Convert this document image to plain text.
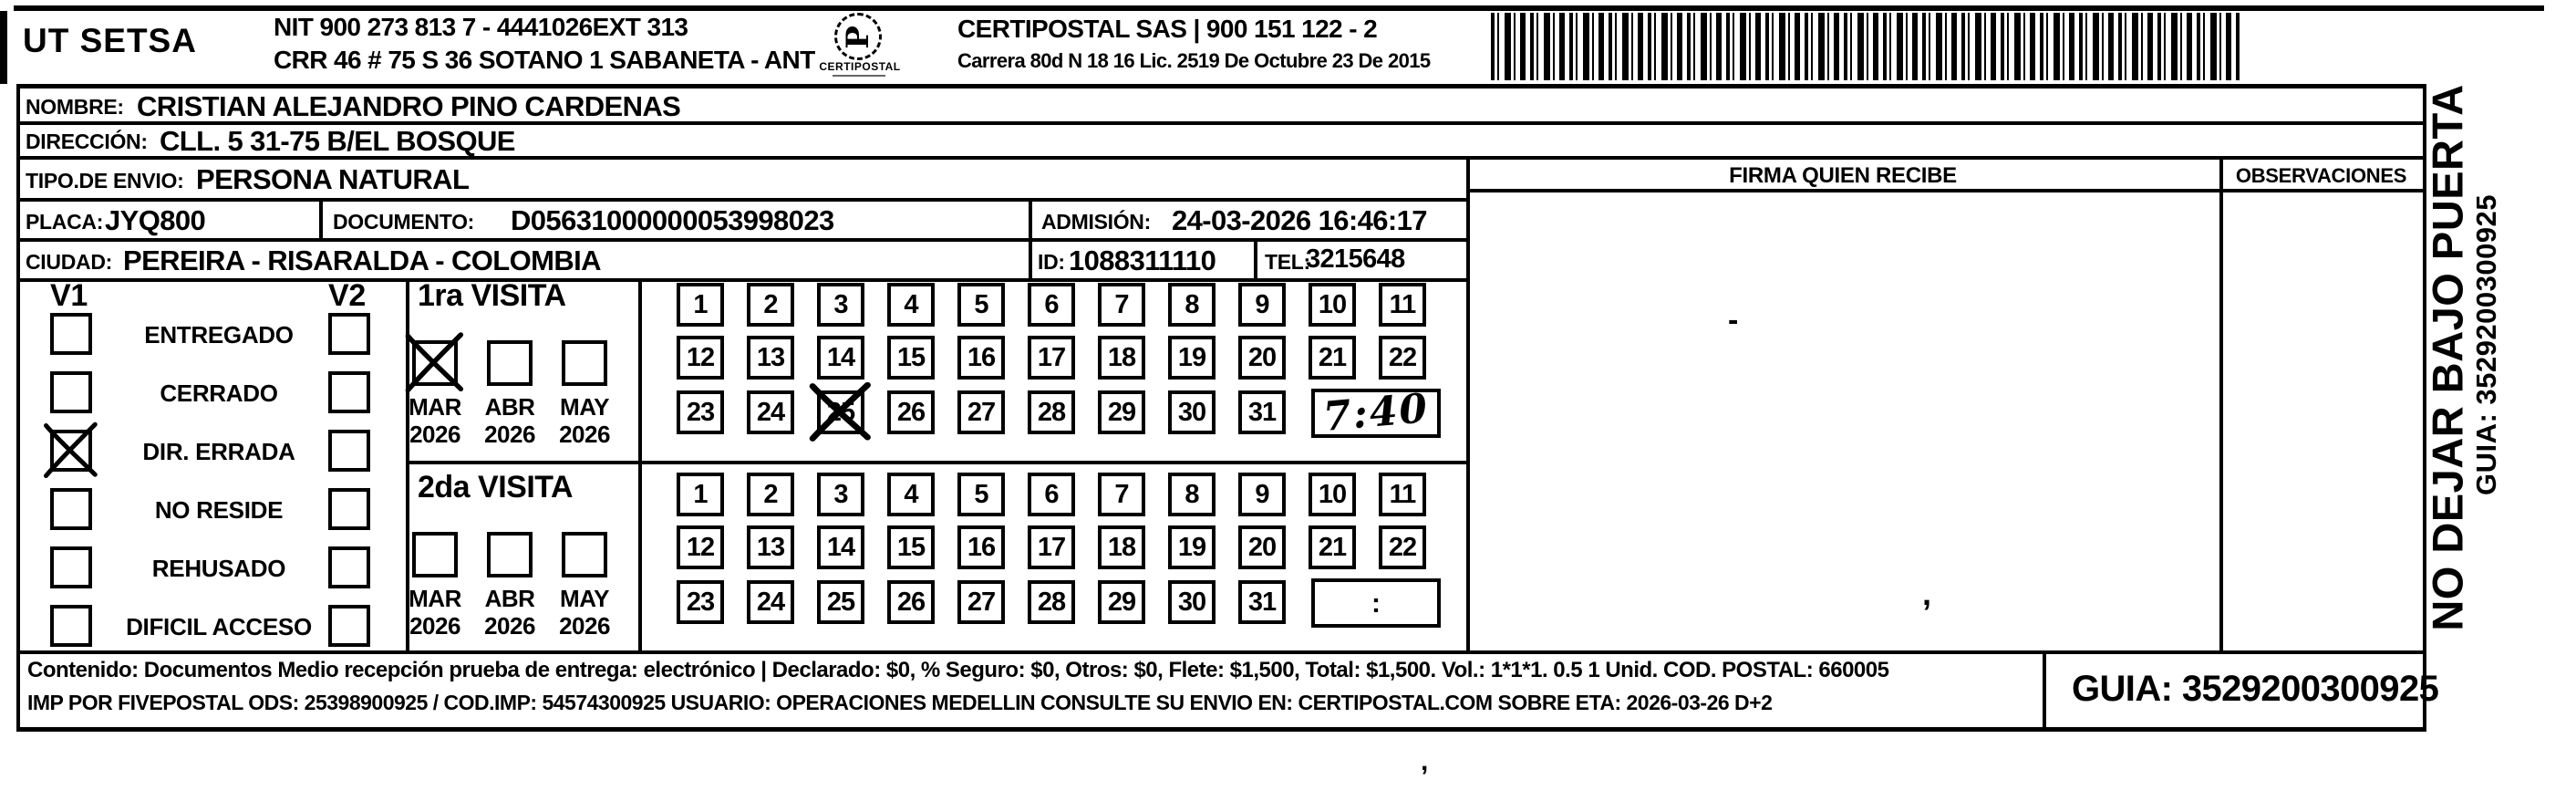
UT SETSA	NIT 900 273 813 7 - 4441026EXT 313
CRR 46 # 75 S 36 SOTANO 1 SABANETA - ANT
P
CERTIPOSTAL
CERTIPOSTAL SAS | 900 151 122 - 2
Carrera 80d N 18 16 Lic. 2519 De Octubre 23 De 2015
NOMBRE: CRISTIAN ALEJANDRO PINO CARDENAS
DIRECCIÓN: CLL. 5 31-75 B/EL BOSQUE
TIPO.DE ENVIO: PERSONA NATURAL
PLACA: JYQ800	DOCUMENTO: D05631000000053998023	ADMISIÓN: 24-03-2026 16:46:17
CIUDAD: PEREIRA - RISARALDA - COLOMBIA	ID: 1088311110 TEL:
3215648
V1	V2
ENTREGADO
CERRADO
DIR. ERRADA
NO RESIDE
REHUSADO
DIFICIL ACCESO
1ra VISITA
MAR
2026
ABR
2026
MAY
2026
2da VISITA
MAR
2026
ABR
2026
MAY
2026
1	2	3	4	5	6	7	8	9	10	11
12	13	14	15	16	17	18	19	20	21	22
23	24	25	26	27	28	29	30	31 7:40
1	2	3	4	5	6	7	8	9	10	11
12	13	14	15	16	17	18	19	20	21	22
23	24	25	26	27	28	29	30	31	:
FIRMA QUIEN RECIBE	OBSERVACIONES
-
,
Contenido: Documentos Medio recepción prueba de entrega: electrónico | Declarado: $0, % Seguro: $0, Otros: $0, Flete: $1,500, Total: $1,500. Vol.: 1*1*1. 0.5 1 Unid. COD. POSTAL: 660005
IMP POR FIVEPOSTAL ODS: 25398900925 / COD.IMP: 54574300925 USUARIO: OPERACIONES MEDELLIN CONSULTE SU ENVIO EN: CERTIPOSTAL.COM SOBRE ETA: 2026-03-26 D+2	GUIA: 3529200300925
,
NO DEJAR BAJO PUERTA
GUIA: 3529200300925
